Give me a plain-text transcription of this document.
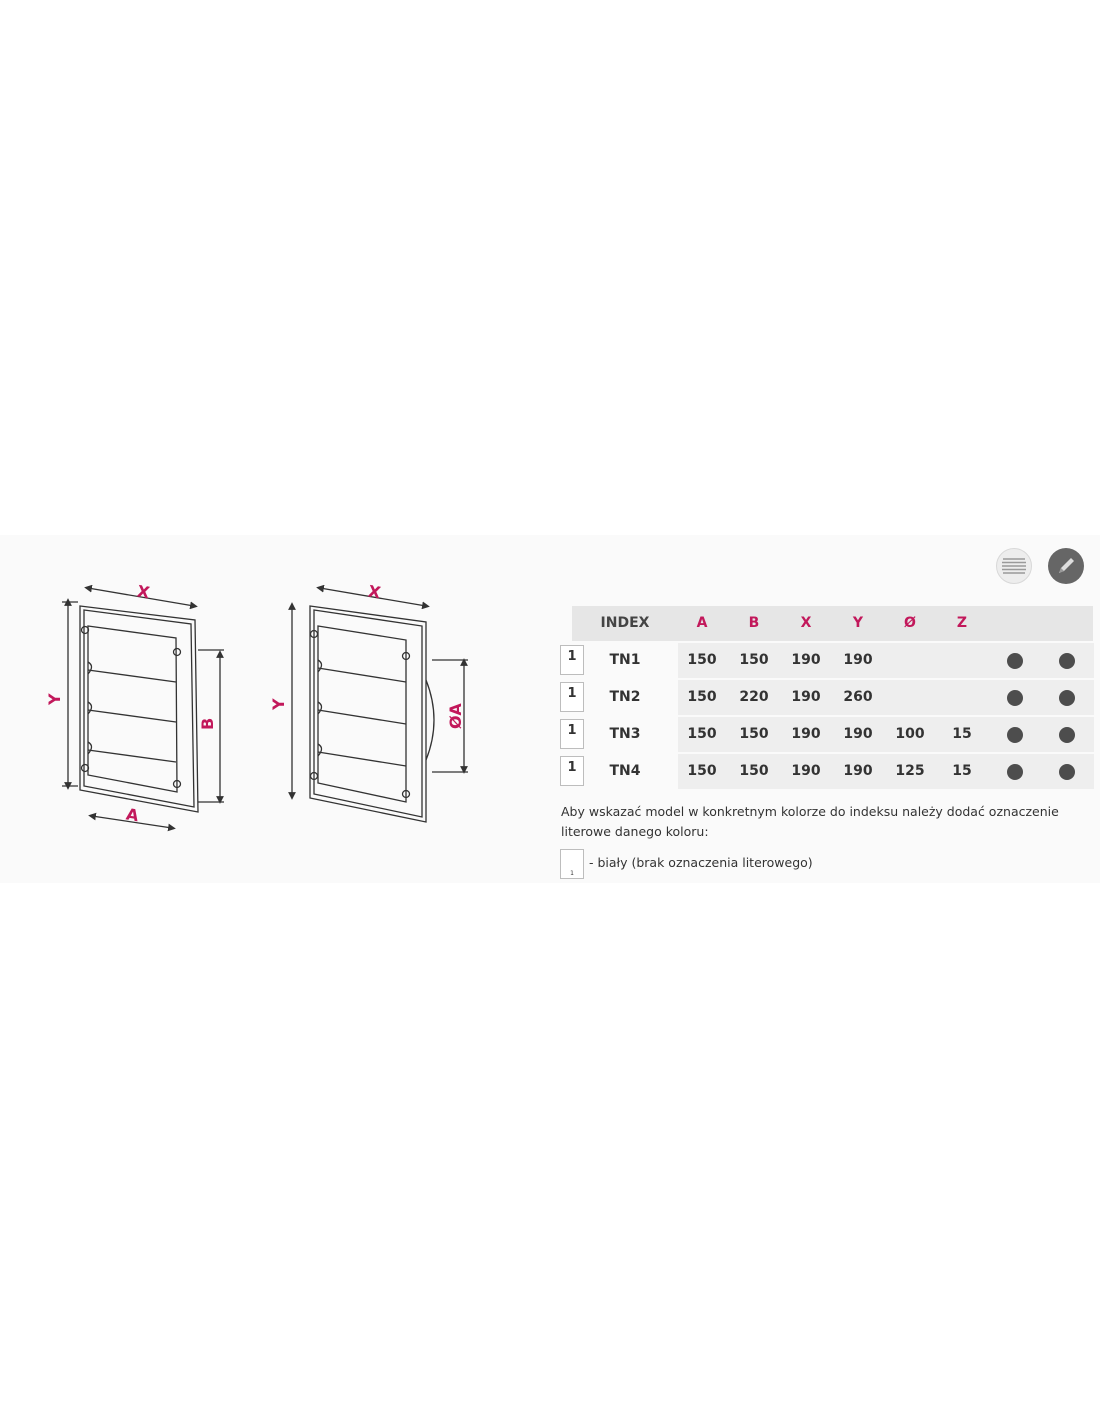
X
Y
A
B
X
Y	ØA
INDEX	A	B	X	Y	Ø	Z
1	TN1	150	150	190	190
1	TN2	150	220	190	260
1	TN3	150	150	190	190	100	15
1	TN4	150	150	190	190	125	15
Aby wskazać model w konkretnym kolorze do indeksu należy dodać oznaczenie literowe danego koloru:
1
- biały (brak oznaczenia literowego)
